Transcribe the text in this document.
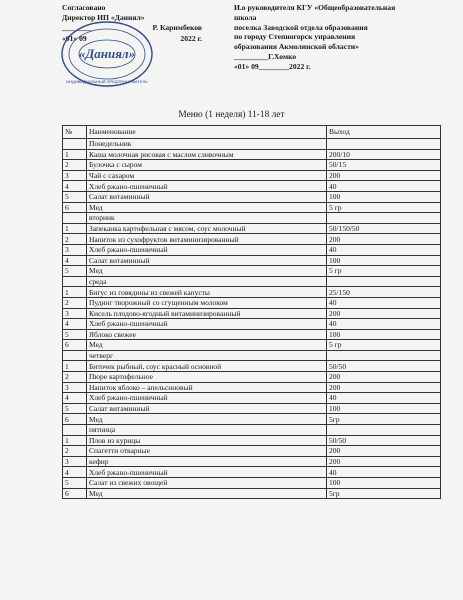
Согласовано
Директор ИП «Даниял»
________	Р. Каримбеков
«01» 09	2022 г.
«Даниял»
ИНДИВИДУАЛЬНЫЙ ПРЕДПРИНИМАТЕЛЬ
И.о руководителя КГУ «Общеобразовательная
школа
поселка Заводской отдела образования
по городу Степногорск управления
образования Акмолинской области»
_________Г.Хомко
«01» 09________2022 г.
Меню (1 неделя) 11-18 лет
№	Наименование	Выход
	Понедельник	
1	Каша молочная рисовая с маслом сливочным	200/10
2	Булочка с сыром	50/15
3	Чай с сахаром	200
4	Хлеб ржано-пшеничный	40
5	Салат витаминный	100
6	Мед	5 гр
	вторник	
1	Запеканка картофельная с мясом, соус молочный	50/150/50
2	Напиток из сухофруктов витаминизированный	200
3	Хлеб ржано-пшеничный	40
4	Салат витаминный	100
5	Мед	5 гр
	среда	
1	Бигус из говядины из свежей капусты	25/150
2	Пудинг творожный со сгущенным молоком	40
3	Кисель плодово-ягодный витаминизированный	200
4	Хлеб ржано-пшеничный	40
5	Яблоко свежее	100
6	Мед	5 гр
	четверг	
1	Биточек рыбный, соус красный основной	50/50
2	Пюре картофельное	200
3	Напиток яблоко – апельсиновый	200
4	Хлеб ржано-пшеничный	40
5	Салат витаминный	100
6	Мед	5гр
	пятница	
1	Плов из курицы	50/50
2	Спагетти отварные	200
3	кефир	200
4	Хлеб ржано-пшеничный	40
5	Салат из свежих овощей	100
6	Мед	5гр
